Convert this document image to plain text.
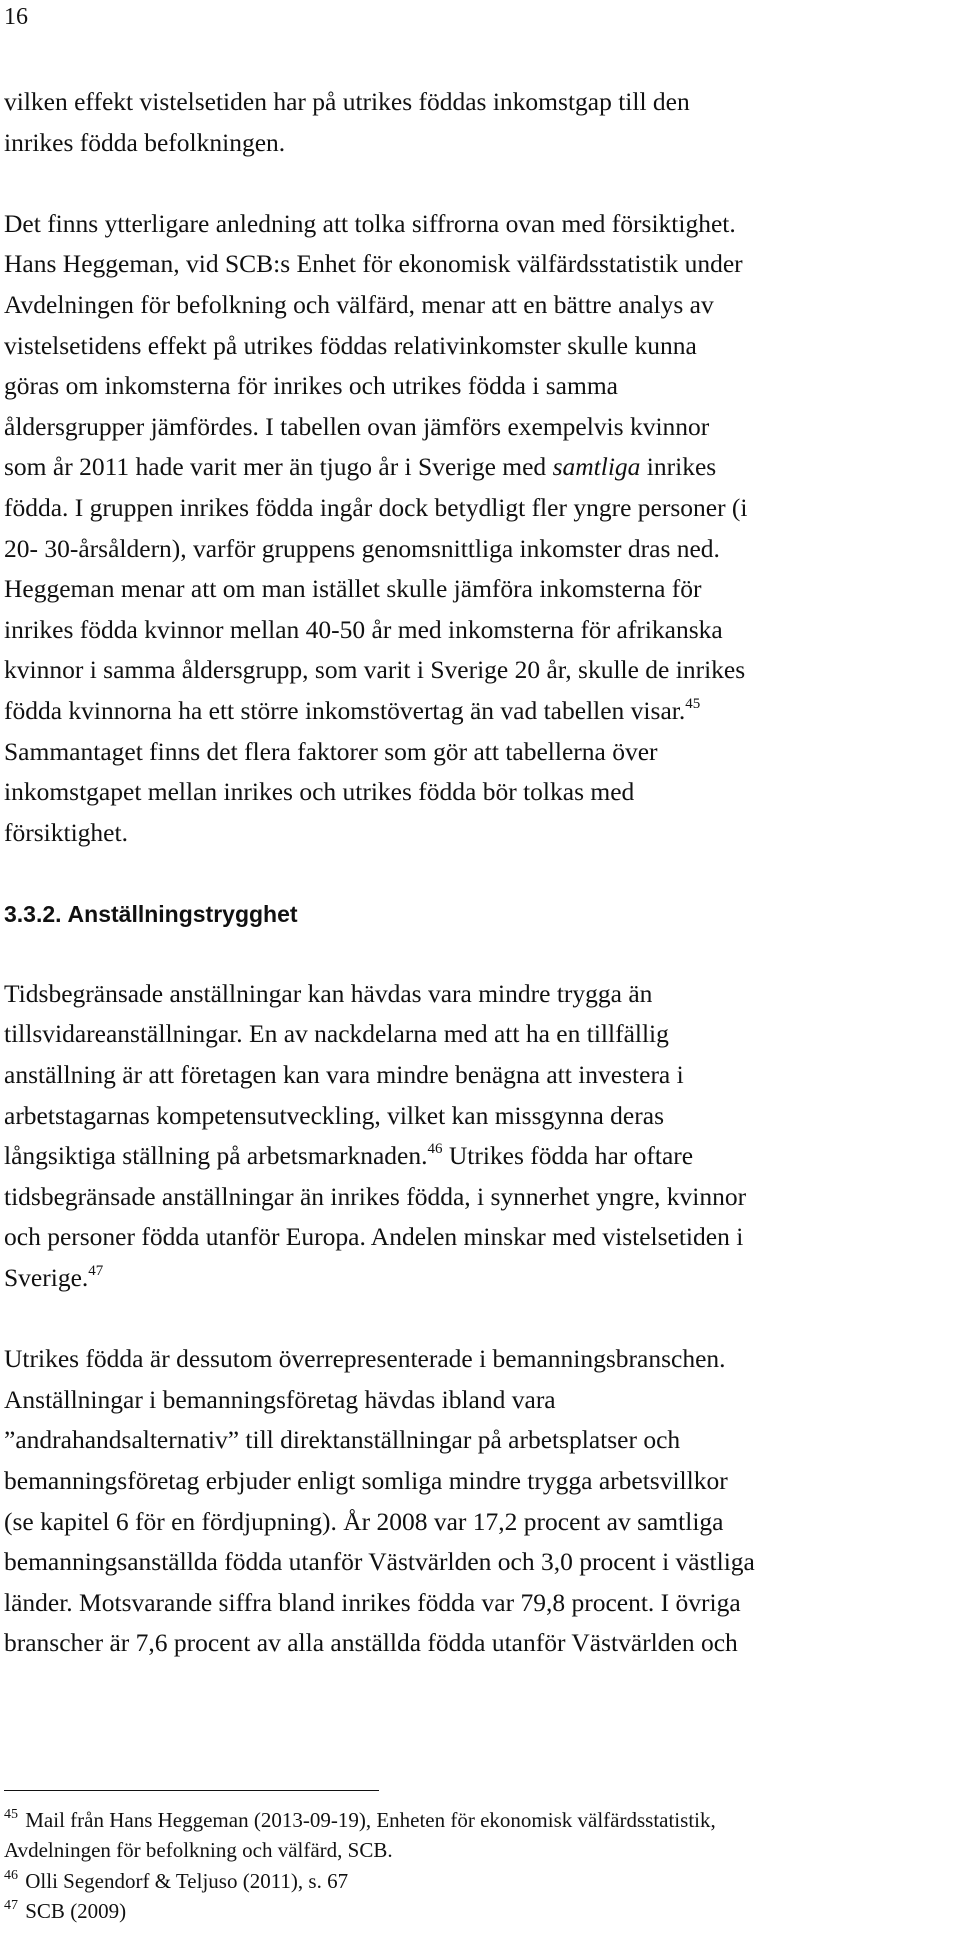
16
vilken effekt vistelsetiden har på utrikes föddas inkomstgap till den
inrikes födda befolkningen.
Det finns ytterligare anledning att tolka siffrorna ovan med försiktighet.
Hans Heggeman, vid SCB:s Enhet för ekonomisk välfärdsstatistik under
Avdelningen för befolkning och välfärd, menar att en bättre analys av
vistelsetidens effekt på utrikes föddas relativinkomster skulle kunna
göras om inkomsterna för inrikes och utrikes födda i samma
åldersgrupper jämfördes. I tabellen ovan jämförs exempelvis kvinnor
som år 2011 hade varit mer än tjugo år i Sverige med samtliga inrikes
födda. I gruppen inrikes födda ingår dock betydligt fler yngre personer (i
20- 30-årsåldern), varför gruppens genomsnittliga inkomster dras ned.
Heggeman menar att om man istället skulle jämföra inkomsterna för
inrikes födda kvinnor mellan 40-50 år med inkomsterna för afrikanska
kvinnor i samma åldersgrupp, som varit i Sverige 20 år, skulle de inrikes
födda kvinnorna ha ett större inkomstövertag än vad tabellen visar.$^{45}$
Sammantaget finns det flera faktorer som gör att tabellerna över
inkomstgapet mellan inrikes och utrikes födda bör tolkas med
försiktighet.
3.3.2. Anställningstrygghet
Tidsbegränsade anställningar kan hävdas vara mindre trygga än
tillsvidareanställningar. En av nackdelarna med att ha en tillfällig
anställning är att företagen kan vara mindre benägna att investera i
arbetstagarnas kompetensutveckling, vilket kan missgynna deras
långsiktiga ställning på arbetsmarknaden.$^{46}$ Utrikes födda har oftare
tidsbegränsade anställningar än inrikes födda, i synnerhet yngre, kvinnor
och personer födda utanför Europa. Andelen minskar med vistelsetiden i
Sverige.$^{47}$
Utrikes födda är dessutom överrepresenterade i bemanningsbranschen.
Anställningar i bemanningsföretag hävdas ibland vara
”andrahandsalternativ” till direktanställningar på arbetsplatser och
bemanningsföretag erbjuder enligt somliga mindre trygga arbetsvillkor
(se kapitel 6 för en fördjupning). År 2008 var 17,2 procent av samtliga
bemanningsanställda födda utanför Västvärlden och 3,0 procent i västliga
länder. Motsvarande siffra bland inrikes födda var 79,8 procent. I övriga
branscher är 7,6 procent av alla anställda födda utanför Västvärlden och
$^{45}$ Mail från Hans Heggeman (2013-09-19), Enheten för ekonomisk välfärdsstatistik,
Avdelningen för befolkning och välfärd, SCB.
$^{46}$ Olli Segendorf & Teljuso (2011), s. 67
$^{47}$ SCB (2009)
